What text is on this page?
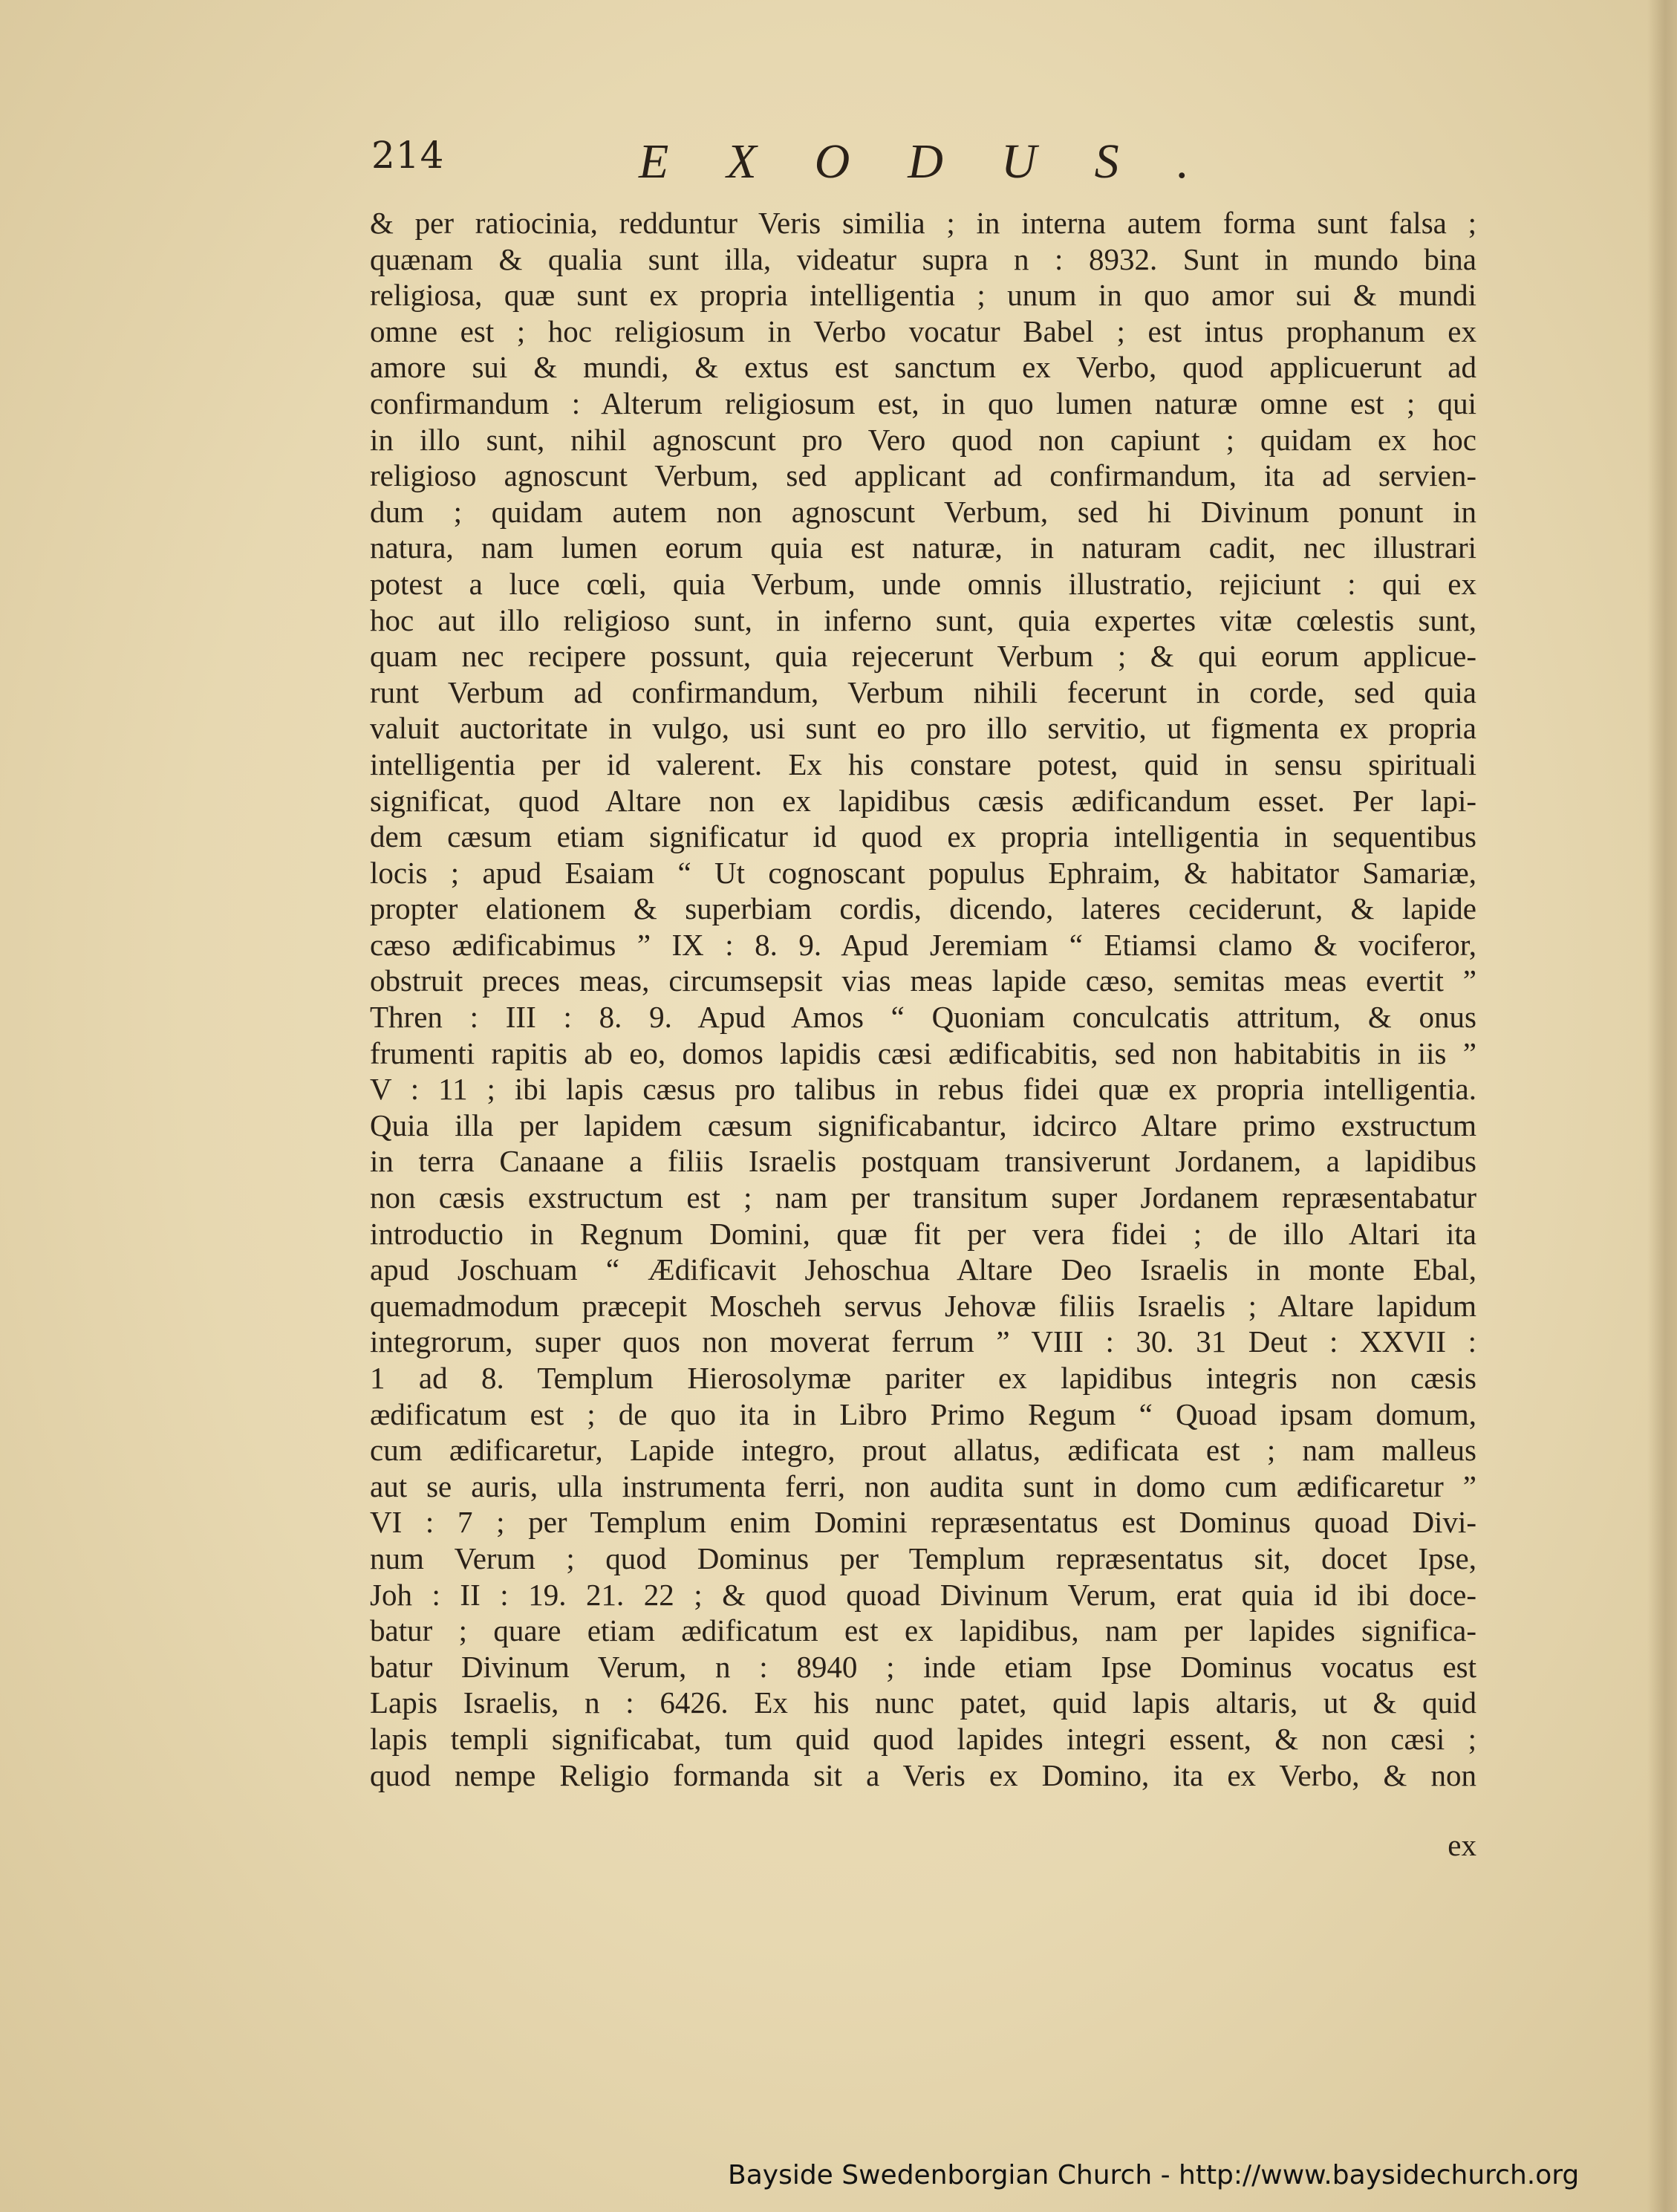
214	EXODUS.
& per ratiocinia, redduntur Veris similia ; in interna autem forma sunt falsa ;
quænam & qualia sunt illa, videatur supra n : 8932. Sunt in mundo bina
religiosa, quæ sunt ex propria intelligentia ; unum in quo amor sui & mundi
omne est ; hoc religiosum in Verbo vocatur Babel ; est intus prophanum ex
amore sui & mundi, & extus est sanctum ex Verbo, quod applicuerunt ad
confirmandum : Alterum religiosum est, in quo lumen naturæ omne est ; qui
in illo sunt, nihil agnoscunt pro Vero quod non capiunt ; quidam ex hoc
religioso agnoscunt Verbum, sed applicant ad confirmandum, ita ad servien-
dum ; quidam autem non agnoscunt Verbum, sed hi Divinum ponunt in
natura, nam lumen eorum quia est naturæ, in naturam cadit, nec illustrari
potest a luce cœli, quia Verbum, unde omnis illustratio, rejiciunt : qui ex
hoc aut illo religioso sunt, in inferno sunt, quia expertes vitæ cœlestis sunt,
quam nec recipere possunt, quia rejecerunt Verbum ; & qui eorum applicue-
runt Verbum ad confirmandum, Verbum nihili fecerunt in corde, sed quia
valuit auctoritate in vulgo, usi sunt eo pro illo servitio, ut figmenta ex propria
intelligentia per id valerent. Ex his constare potest, quid in sensu spirituali
significat, quod Altare non ex lapidibus cæsis ædificandum esset. Per lapi-
dem cæsum etiam significatur id quod ex propria intelligentia in sequentibus
locis ; apud Esaiam “ Ut cognoscant populus Ephraim, & habitator Samariæ,
propter elationem & superbiam cordis, dicendo, lateres ceciderunt, & lapide
cæso ædificabimus ” IX : 8. 9. Apud Jeremiam “ Etiamsi clamo & vociferor,
obstruit preces meas, circumsepsit vias meas lapide cæso, semitas meas evertit ”
Thren : III : 8. 9. Apud Amos “ Quoniam conculcatis attritum, & onus
frumenti rapitis ab eo, domos lapidis cæsi ædificabitis, sed non habitabitis in iis ”
V : 11 ; ibi lapis cæsus pro talibus in rebus fidei quæ ex propria intelligentia.
Quia illa per lapidem cæsum significabantur, idcirco Altare primo exstructum
in terra Canaane a filiis Israelis postquam transiverunt Jordanem, a lapidibus
non cæsis exstructum est ; nam per transitum super Jordanem repræsentabatur
introductio in Regnum Domini, quæ fit per vera fidei ; de illo Altari ita
apud Joschuam “ Ædificavit Jehoschua Altare Deo Israelis in monte Ebal,
quemadmodum præcepit Moscheh servus Jehovæ filiis Israelis ; Altare lapidum
integrorum, super quos non moverat ferrum ” VIII : 30. 31 Deut : XXVII :
1 ad 8. Templum Hierosolymæ pariter ex lapidibus integris non cæsis
ædificatum est ; de quo ita in Libro Primo Regum “ Quoad ipsam domum,
cum ædificaretur, Lapide integro, prout allatus, ædificata est ; nam malleus
aut se auris, ulla instrumenta ferri, non audita sunt in domo cum ædificaretur ”
VI : 7 ; per Templum enim Domini repræsentatus est Dominus quoad Divi-
num Verum ; quod Dominus per Templum repræsentatus sit, docet Ipse,
Joh : II : 19. 21. 22 ; & quod quoad Divinum Verum, erat quia id ibi doce-
batur ; quare etiam ædificatum est ex lapidibus, nam per lapides significa-
batur Divinum Verum, n : 8940 ; inde etiam Ipse Dominus vocatus est
Lapis Israelis, n : 6426. Ex his nunc patet, quid lapis altaris, ut & quid
lapis templi significabat, tum quid quod lapides integri essent, & non cæsi ;
quod nempe Religio formanda sit a Veris ex Domino, ita ex Verbo, & non
ex
Bayside Swedenborgian Church - http://www.baysidechurch.org
